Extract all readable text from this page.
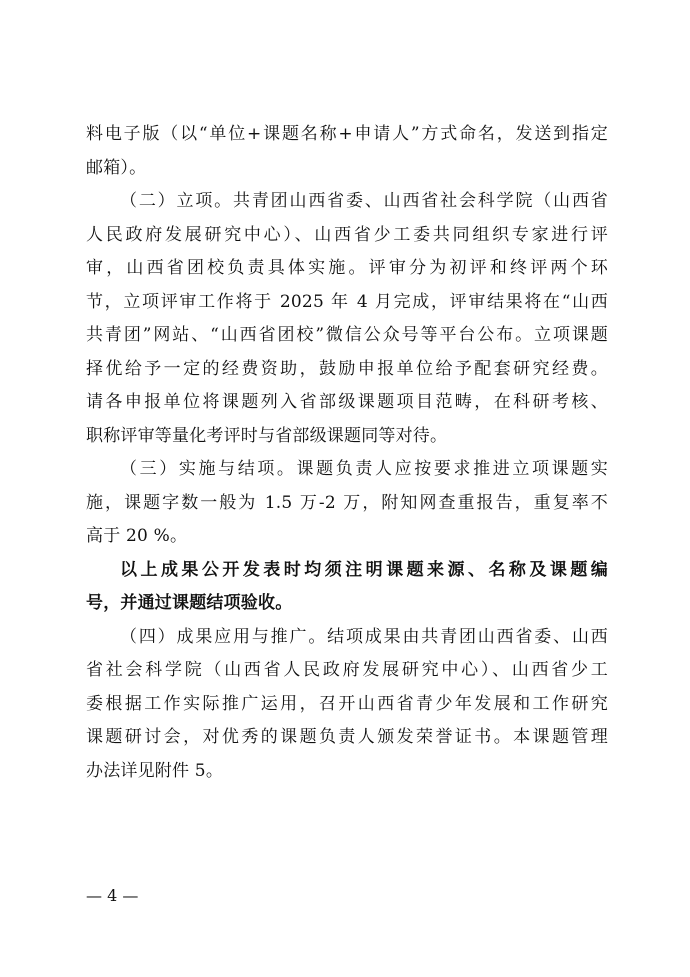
料电子版（以“单位+课题名称+申请人”方式命名，发送到指定

邮箱）。

（二）立项。共青团山西省委、山西省社会科学院（山西省

人民政府发展研究中心）、山西省少工委共同组织专家进行评

审，山西省团校负责具体实施。评审分为初评和终评两个环

节，立项评审工作将于 2025 年 4 月完成，评审结果将在“山西

共青团”网站、“山西省团校”微信公众号等平台公布。立项课题

择优给予一定的经费资助，鼓励申报单位给予配套研究经费。

请各申报单位将课题列入省部级课题项目范畴，在科研考核、

职称评审等量化考评时与省部级课题同等对待。

（三）实施与结项。课题负责人应按要求推进立项课题实

施，课题字数一般为 1.5 万-2 万，附知网查重报告，重复率不

高于 20 %。

以上成果公开发表时均须注明课题来源、名称及课题编

号，并通过课题结项验收。

（四）成果应用与推广。结项成果由共青团山西省委、山西

省社会科学院（山西省人民政府发展研究中心）、山西省少工

委根据工作实际推广运用，召开山西省青少年发展和工作研究

课题研讨会，对优秀的课题负责人颁发荣誉证书。本课题管理

办法详见附件 5。

— 4 —
